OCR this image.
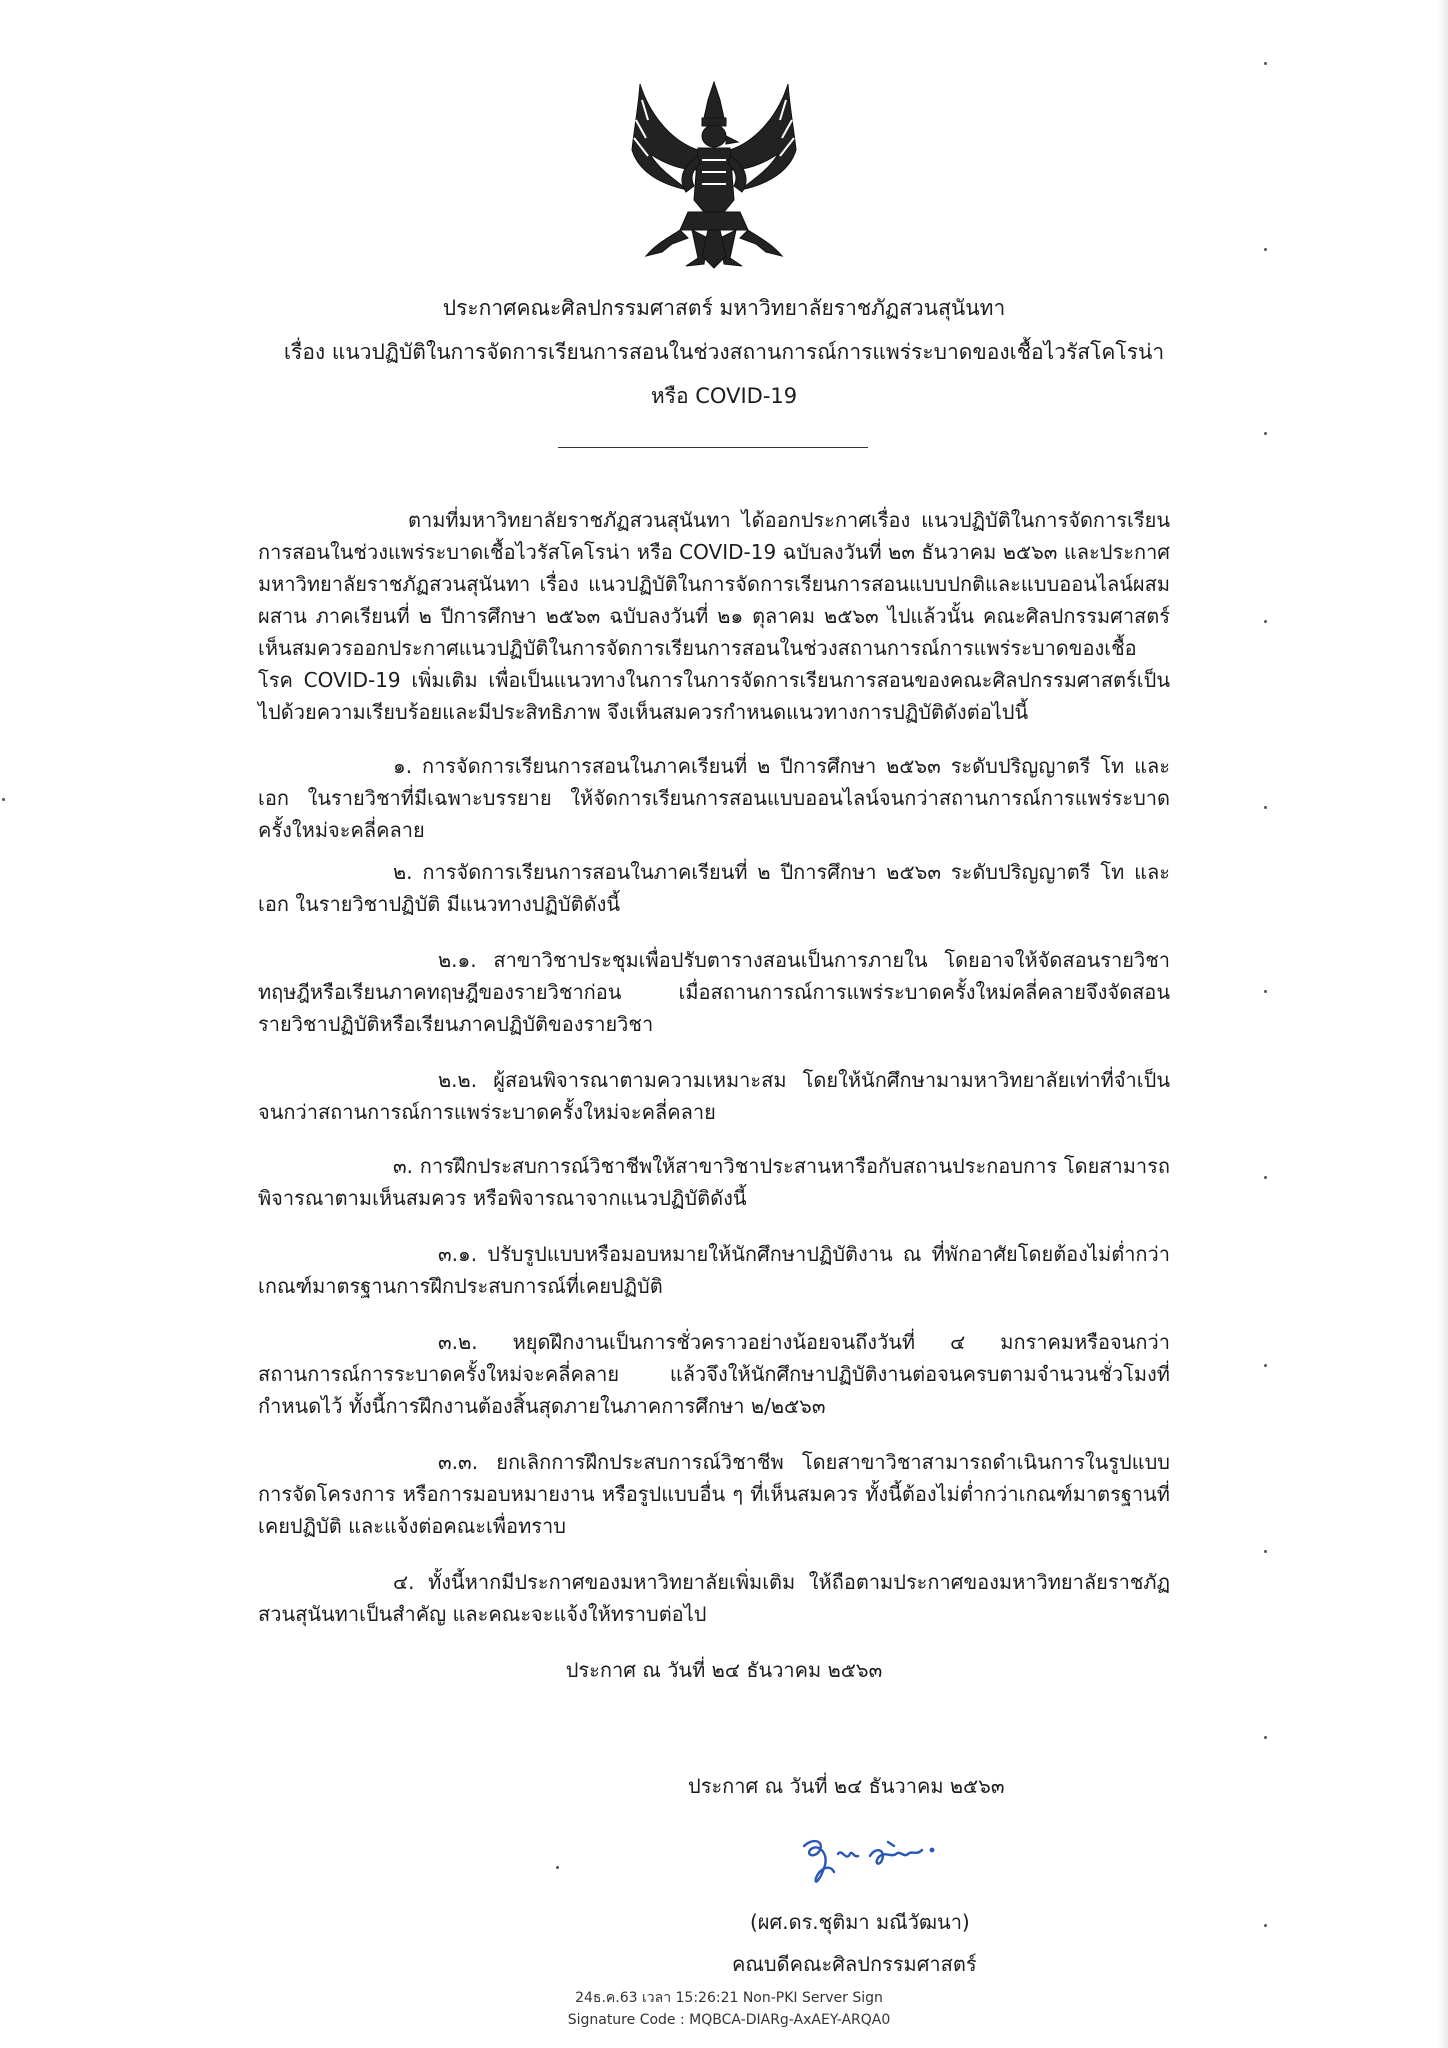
ประกาศคณะศิลปกรรมศาสตร์ มหาวิทยาลัยราชภัฏสวนสุนันทา
เรื่อง แนวปฏิบัติในการจัดการเรียนการสอนในช่วงสถานการณ์การแพร่ระบาดของเชื้อไวรัสโคโรน่า
หรือ COVID-19

ตามที่มหาวิทยาลัยราชภัฏสวนสุนันทา ได้ออกประกาศเรื่อง แนวปฏิบัติในการจัดการเรียนการสอนในช่วงแพร่ระบาดเชื้อไวรัสโคโรน่า หรือ COVID-19 ฉบับลงวันที่ ๒๓ ธันวาคม ๒๕๖๓ และประกาศมหาวิทยาลัยราชภัฏสวนสุนันทา เรื่อง แนวปฏิบัติในการจัดการเรียนการสอนแบบปกติและแบบออนไลน์ผสมผสาน ภาคเรียนที่ ๒ ปีการศึกษา ๒๕๖๓ ฉบับลงวันที่ ๒๑ ตุลาคม ๒๕๖๓ ไปแล้วนั้น คณะศิลปกรรมศาสตร์เห็นสมควรออกประกาศแนวปฏิบัติในการจัดการเรียนการสอนในช่วงสถานการณ์การแพร่ระบาดของเชื้อโรค COVID-19 เพิ่มเติม เพื่อเป็นแนวทางในการในการจัดการเรียนการสอนของคณะศิลปกรรมศาสตร์เป็นไปด้วยความเรียบร้อยและมีประสิทธิภาพ จึงเห็นสมควรกำหนดแนวทางการปฏิบัติดังต่อไปนี้

๑. การจัดการเรียนการสอนในภาคเรียนที่ ๒ ปีการศึกษา ๒๕๖๓ ระดับปริญญาตรี โท และเอก ในรายวิชาที่มีเฉพาะบรรยาย ให้จัดการเรียนการสอนแบบออนไลน์จนกว่าสถานการณ์การแพร่ระบาดครั้งใหม่จะคลี่คลาย

๒. การจัดการเรียนการสอนในภาคเรียนที่ ๒ ปีการศึกษา ๒๕๖๓ ระดับปริญญาตรี โท และเอก ในรายวิชาปฏิบัติ มีแนวทางปฏิบัติดังนี้

๒.๑. สาขาวิชาประชุมเพื่อปรับตารางสอนเป็นการภายใน โดยอาจให้จัดสอนรายวิชาทฤษฎีหรือเรียนภาคทฤษฎีของรายวิชาก่อน เมื่อสถานการณ์การแพร่ระบาดครั้งใหม่คลี่คลายจึงจัดสอนรายวิชาปฏิบัติหรือเรียนภาคปฏิบัติของรายวิชา

๒.๒. ผู้สอนพิจารณาตามความเหมาะสม โดยให้นักศึกษามามหาวิทยาลัยเท่าที่จำเป็นจนกว่าสถานการณ์การแพร่ระบาดครั้งใหม่จะคลี่คลาย

๓. การฝึกประสบการณ์วิชาชีพให้สาขาวิชาประสานหารือกับสถานประกอบการ โดยสามารถพิจารณาตามเห็นสมควร หรือพิจารณาจากแนวปฏิบัติดังนี้

๓.๑. ปรับรูปแบบหรือมอบหมายให้นักศึกษาปฏิบัติงาน ณ ที่พักอาศัยโดยต้องไม่ต่ำกว่าเกณฑ์มาตรฐานการฝึกประสบการณ์ที่เคยปฏิบัติ

๓.๒. หยุดฝึกงานเป็นการชั่วคราวอย่างน้อยจนถึงวันที่ ๔ มกราคมหรือจนกว่าสถานการณ์การระบาดครั้งใหม่จะคลี่คลาย แล้วจึงให้นักศึกษาปฏิบัติงานต่อจนครบตามจำนวนชั่วโมงที่กำหนดไว้ ทั้งนี้การฝึกงานต้องสิ้นสุดภายในภาคการศึกษา ๒/๒๕๖๓

๓.๓. ยกเลิกการฝึกประสบการณ์วิชาชีพ โดยสาขาวิชาสามารถดำเนินการในรูปแบบการจัดโครงการ หรือการมอบหมายงาน หรือรูปแบบอื่น ๆ ที่เห็นสมควร ทั้งนี้ต้องไม่ต่ำกว่าเกณฑ์มาตรฐานที่เคยปฏิบัติ และแจ้งต่อคณะเพื่อทราบ

๔. ทั้งนี้หากมีประกาศของมหาวิทยาลัยเพิ่มเติม ให้ถือตามประกาศของมหาวิทยาลัยราชภัฏสวนสุนันทาเป็นสำคัญ และคณะจะแจ้งให้ทราบต่อไป

ประกาศ ณ วันที่ ๒๔ ธันวาคม ๒๕๖๓
ประกาศ ณ วันที่ ๒๔ ธันวาคม ๒๕๖๓
(ผศ.ดร.ชุติมา มณีวัฒนา)
คณบดีคณะศิลปกรรมศาสตร์
24ธ.ค.63 เวลา 15:26:21 Non-PKI Server Sign
Signature Code : MQBCA-DIARg-AxAEY-ARQA0
